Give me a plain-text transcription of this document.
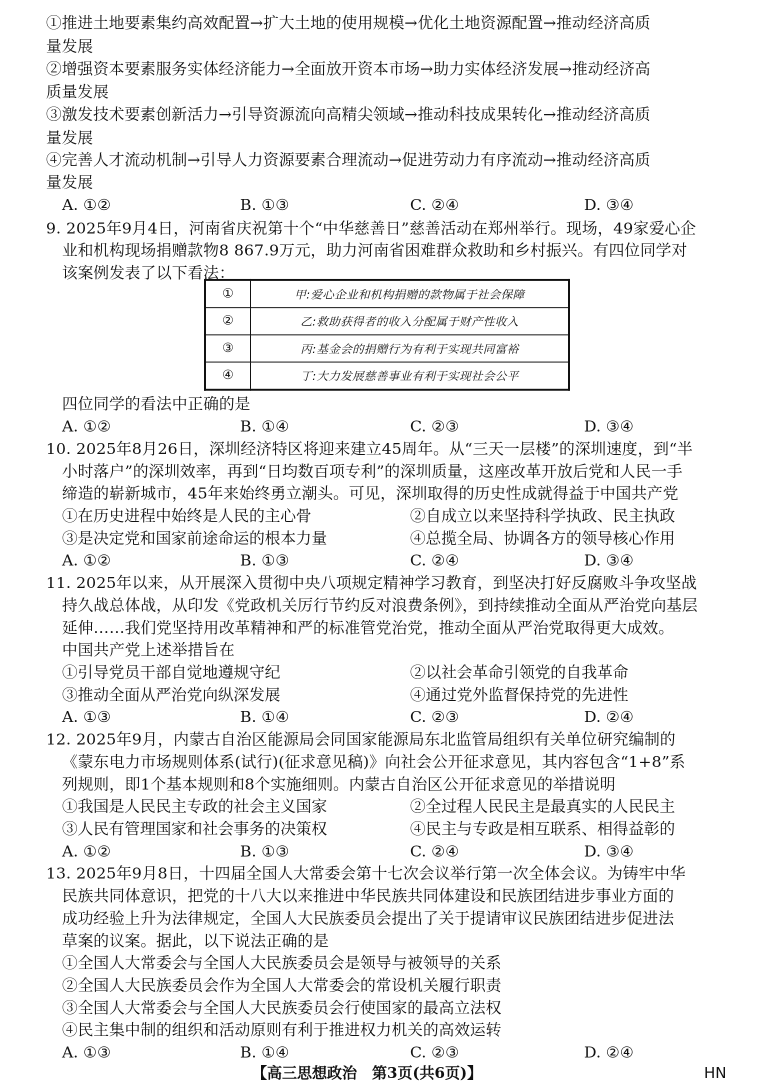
①推进土地要素集约高效配置→扩大土地的使用规模→优化土地资源配置→推动经济高质
量发展
②增强资本要素服务实体经济能力→全面放开资本市场→助力实体经济发展→推动经济高
质量发展
③激发技术要素创新活力→引导资源流向高精尖领域→推动科技成果转化→推动经济高质
量发展
④完善人才流动机制→引导人力资源要素合理流动→促进劳动力有序流动→推动经济高质
量发展
A. ①②	B. ①③	C. ②④	D. ③④
9. 2025年9月4日，河南省庆祝第十个“中华慈善日”慈善活动在郑州举行。现场，49家爱心企
业和机构现场捐赠款物8 867.9万元，助力河南省困难群众救助和乡村振兴。有四位同学对
该案例发表了以下看法：
①	甲:爱心企业和机构捐赠的款物属于社会保障
②	乙:救助获得者的收入分配属于财产性收入
③	丙:基金会的捐赠行为有利于实现共同富裕
④	丁:大力发展慈善事业有利于实现社会公平
四位同学的看法中正确的是
A. ①②	B. ①④	C. ②③	D. ③④
10. 2025年8月26日，深圳经济特区将迎来建立45周年。从“三天一层楼”的深圳速度，到“半
小时落户”的深圳效率，再到“日均数百项专利”的深圳质量，这座改革开放后党和人民一手
缔造的崭新城市，45年来始终勇立潮头。可见，深圳取得的历史性成就得益于中国共产党
①在历史进程中始终是人民的主心骨	②自成立以来坚持科学执政、民主执政
③是决定党和国家前途命运的根本力量	④总揽全局、协调各方的领导核心作用
A. ①②	B. ①③	C. ②④	D. ③④
11. 2025年以来，从开展深入贯彻中央八项规定精神学习教育，到坚决打好反腐败斗争攻坚战
持久战总体战，从印发《党政机关厉行节约反对浪费条例》，到持续推动全面从严治党向基层
延伸……我们党坚持用改革精神和严的标准管党治党，推动全面从严治党取得更大成效。
中国共产党上述举措旨在
①引导党员干部自觉地遵规守纪	②以社会革命引领党的自我革命
③推动全面从严治党向纵深发展	④通过党外监督保持党的先进性
A. ①③	B. ①④	C. ②③	D. ②④
12. 2025年9月，内蒙古自治区能源局会同国家能源局东北监管局组织有关单位研究编制的
《蒙东电力市场规则体系(试行)(征求意见稿)》向社会公开征求意见，其内容包含“1+8”系
列规则，即1个基本规则和8个实施细则。内蒙古自治区公开征求意见的举措说明
①我国是人民民主专政的社会主义国家	②全过程人民民主是最真实的人民民主
③人民有管理国家和社会事务的决策权	④民主与专政是相互联系、相得益彰的
A. ①②	B. ①③	C. ②④	D. ③④
13. 2025年9月8日，十四届全国人大常委会第十七次会议举行第一次全体会议。为铸牢中华
民族共同体意识，把党的十八大以来推进中华民族共同体建设和民族团结进步事业方面的
成功经验上升为法律规定，全国人大民族委员会提出了关于提请审议民族团结进步促进法
草案的议案。据此，以下说法正确的是
①全国人大常委会与全国人大民族委员会是领导与被领导的关系
②全国人大民族委员会作为全国人大常委会的常设机关履行职责
③全国人大常委会与全国人大民族委员会行使国家的最高立法权
④民主集中制的组织和活动原则有利于推进权力机关的高效运转
A. ①③	B. ①④	C. ②③	D. ②④
【高三思想政治　第3页(共6页)】	HN
